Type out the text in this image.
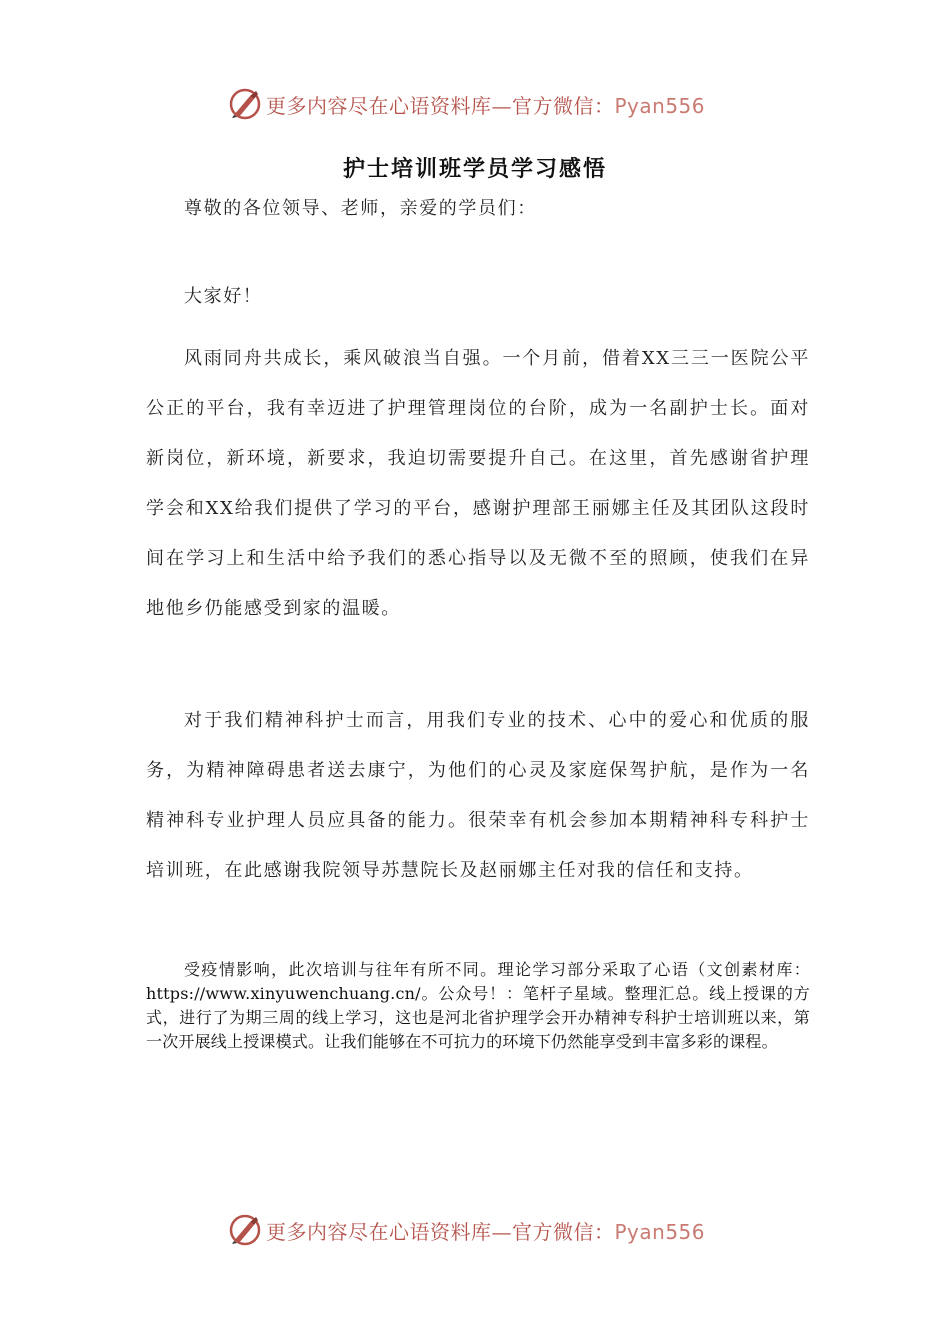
更多内容尽在心语资料库—官方微信：Pyan556
护士培训班学员学习感悟

尊敬的各位领导、老师，亲爱的学员们：

大家好！

风雨同舟共成长，乘风破浪当自强。一个月前，借着XX三三一医院公平公正的平台，我有幸迈进了护理管理岗位的台阶，成为一名副护士长。面对新岗位，新环境，新要求，我迫切需要提升自己。在这里，首先感谢省护理学会和XX给我们提供了学习的平台，感谢护理部王丽娜主任及其团队这段时间在学习上和生活中给予我们的悉心指导以及无微不至的照顾，使我们在异地他乡仍能感受到家的温暖。

对于我们精神科护士而言，用我们专业的技术、心中的爱心和优质的服务，为精神障碍患者送去康宁，为他们的心灵及家庭保驾护航，是作为一名精神科专业护理人员应具备的能力。很荣幸有机会参加本期精神科专科护士培训班，在此感谢我院领导苏慧院长及赵丽娜主任对我的信任和支持。

受疫情影响，此次培训与往年有所不同。理论学习部分采取了心语（文创素材库：https://www.xinyuwenchuang.cn/。公众号！：笔杆子星域。整理汇总。线上授课的方式，进行了为期三周的线上学习，这也是河北省护理学会开办精神专科护士培训班以来，第一次开展线上授课模式。让我们能够在不可抗力的环境下仍然能享受到丰富多彩的课程。

更多内容尽在心语资料库—官方微信：Pyan556
